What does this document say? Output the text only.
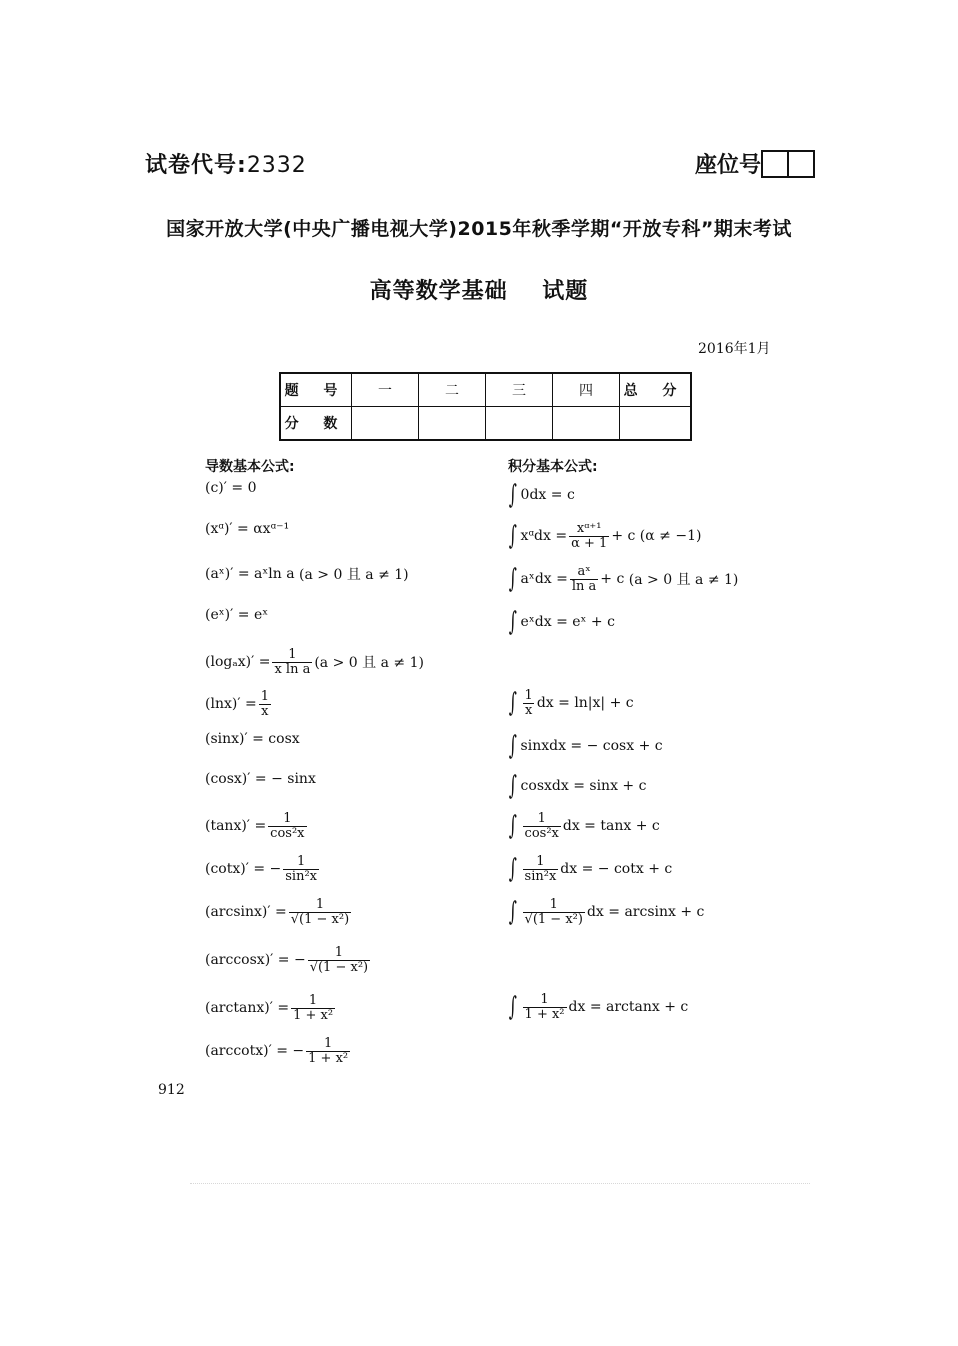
试卷代号:2332	座位号
国家开放大学(中央广播电视大学)2015年秋季学期“开放专科”期末考试
高等数学基础    试题
2016年1月
题 号	一	二	三	四	总 分
分 数					
导数基本公式:	积分基本公式:
(c)′ = 0
(xᵅ)′ = αxᵅ⁻¹
(aˣ)′ = aˣln a
(a > 0 且 a ≠ 1)
(eˣ)′ = eˣ
$(\log_ax)' = \frac{1}{\text{x ln a}} (a > 0$ 且 a ≠ 1)
$(\ln x)' = \frac{1}{x}$
(sinx)′ = cosx
(cosx)′ = − sinx
$(\tan x)' = \frac{1}{\text{cos²x}}$
(cotx)′ = − $\frac{1}{\text{sin²x}}$
$(\arcsin x)' = \frac{1}{\text{√(1 − x²)}}$
(arccosx)′ = − $\frac{1}{\text{√(1 − x²)}}$
$(\arctan x)' = \frac{1}{\text{1 + x²}}$
(arccotx)′ = − $\frac{1}{\text{1 + x²}}$
∫ 0dx = c
∫ xᵅdx = $\frac{\text{xᵅ⁺¹}}{\alpha + 1} + c$
(α ≠ −1)
∫ aˣdx = $\frac{\text{aˣ}}{\text{ln a}} + c$
(a > 0 且 a ≠ 1)
∫ eˣdx = eˣ + c
∫ $\frac{1}{x}$ dx = ln|x| + c
∫ sinxdx = − cosx + c
∫ cosxdx = sinx + c
∫ $\frac{1}{\text{cos²x}}$ dx = tanx + c
∫ $\frac{1}{\text{sin²x}}$ dx = − cotx + c
∫ $\frac{1}{\text{√(1 − x²)}}$ dx = arcsinx + c
∫ $\frac{1}{\text{1 + x²}}$ dx = arctanx + c
912
